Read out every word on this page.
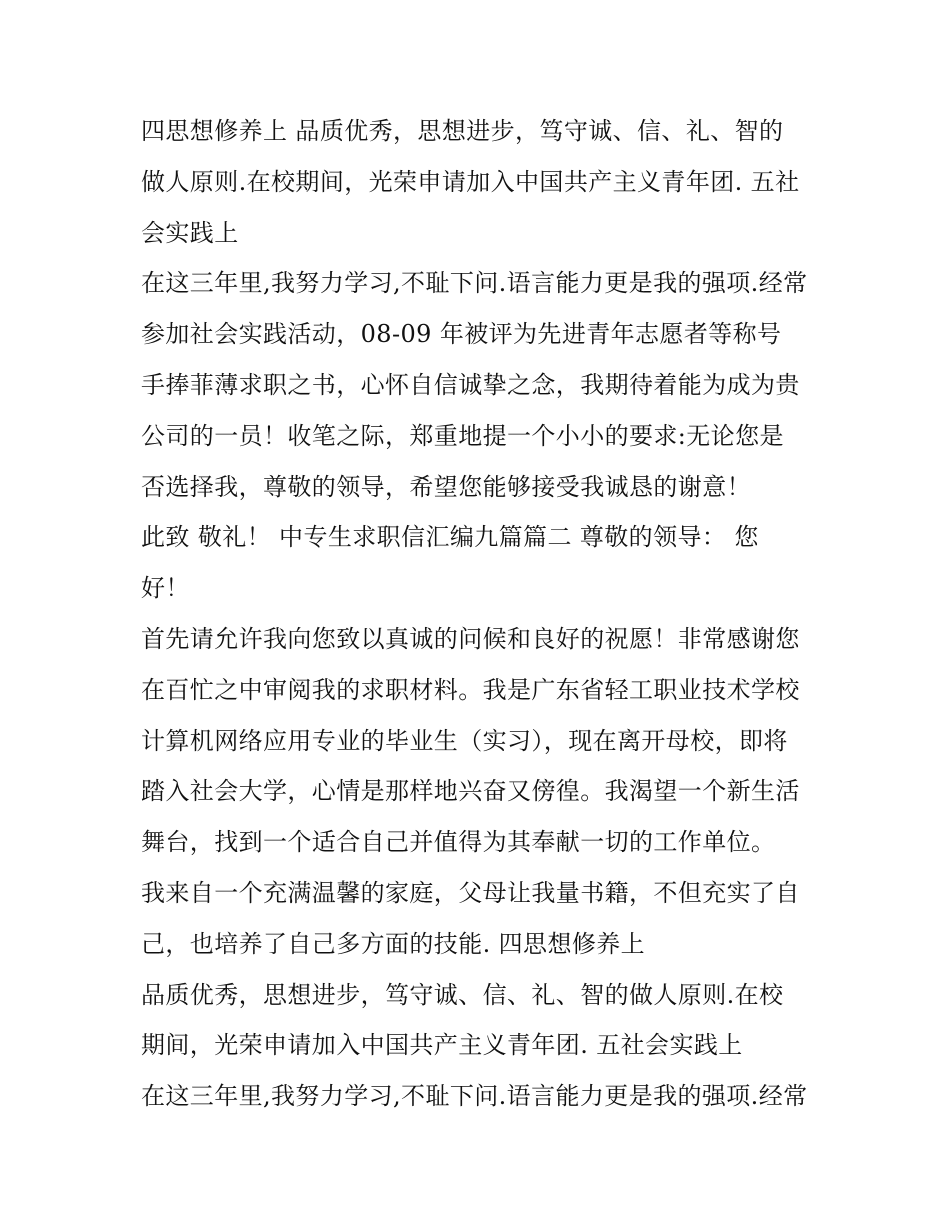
四思想修养上 品质优秀，思想进步，笃守诚、信、礼、智的
做人原则.在校期间，光荣申请加入中国共产主义青年团. 五社
会实践上
在这三年里,我努力学习,不耻下问.语言能力更是我的强项.经常
参加社会实践活动，08-09 年被评为先进青年志愿者等称号
手捧菲薄求职之书，心怀自信诚挚之念，我期待着能为成为贵
公司的一员！收笔之际，郑重地提一个小小的要求:无论您是
否选择我，尊敬的领导，希望您能够接受我诚恳的谢意！
此致 敬礼！ 中专生求职信汇编九篇篇二 尊敬的领导： 您
好！
首先请允许我向您致以真诚的问候和良好的祝愿！非常感谢您
在百忙之中审阅我的求职材料。我是广东省轻工职业技术学校
计算机网络应用专业的毕业生（实习），现在离开母校，即将
踏入社会大学，心情是那样地兴奋又傍徨。我渴望一个新生活
舞台，找到一个适合自己并值得为其奉献一切的工作单位。
我来自一个充满温馨的家庭，父母让我量书籍，不但充实了自
己，也培养了自己多方面的技能. 四思想修养上
品质优秀，思想进步，笃守诚、信、礼、智的做人原则.在校
期间，光荣申请加入中国共产主义青年团. 五社会实践上
在这三年里,我努力学习,不耻下问.语言能力更是我的强项.经常
